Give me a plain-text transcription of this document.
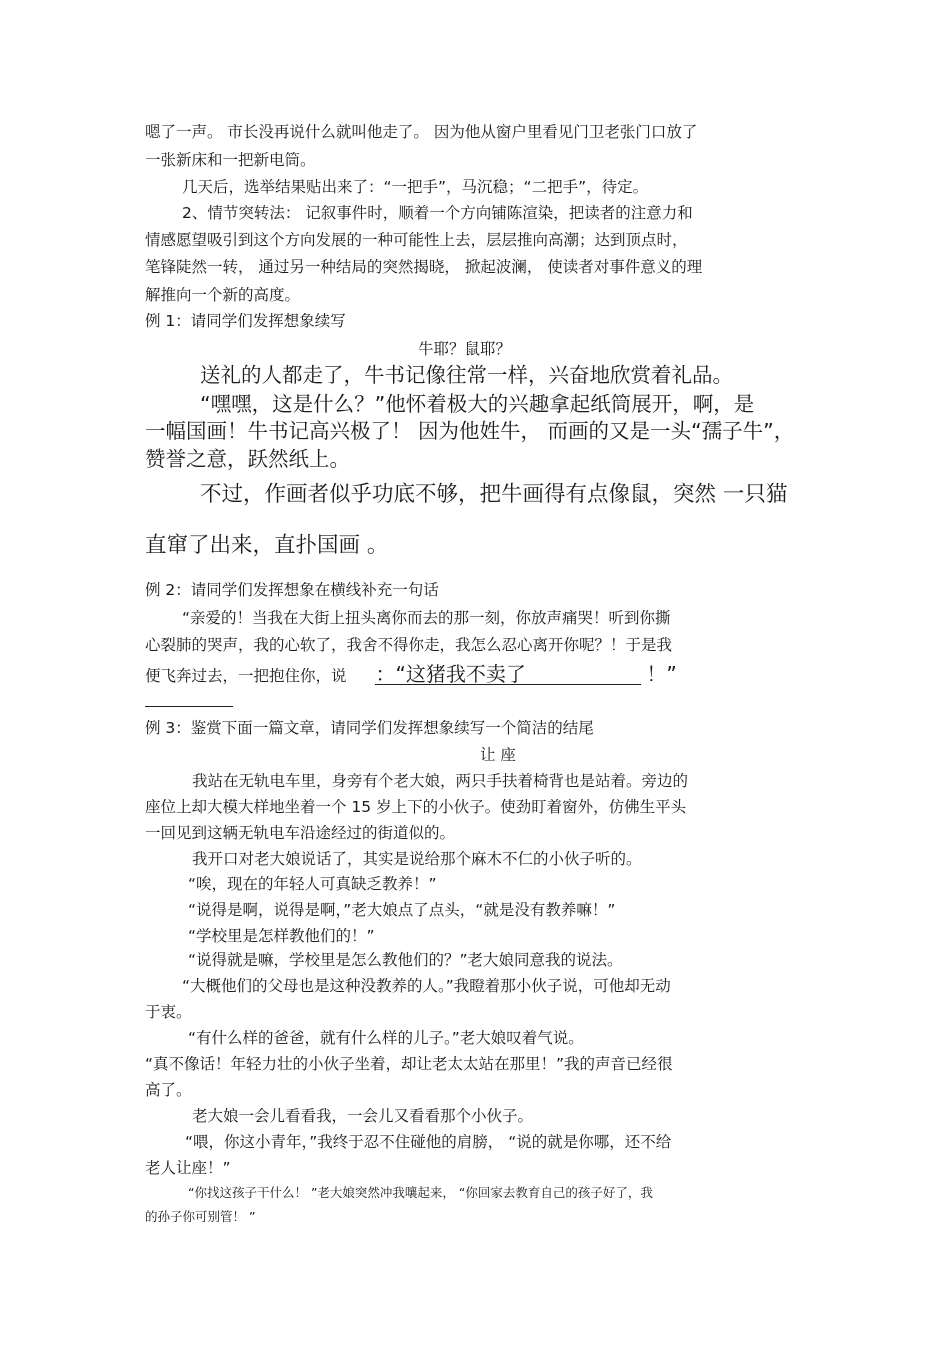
嗯了一声。 市长没再说什么就叫他走了。 因为他从窗户里看见门卫老张门口放了
一张新床和一把新电筒。
几天后，选举结果贴出来了：“一把手”，马沉稳；“二把手”，待定。
2、情节突转法： 记叙事件时，顺着一个方向铺陈渲染，把读者的注意力和
情感愿望吸引到这个方向发展的一种可能性上去，层层推向高潮；达到顶点时，
笔锋陡然一转， 通过另一种结局的突然揭晓， 掀起波澜， 使读者对事件意义的理
解推向一个新的高度。
例 1：请同学们发挥想象续写
牛耶？鼠耶？
送礼的人都走了，牛书记像往常一样，兴奋地欣赏着礼品。
“嘿嘿，这是什么？”他怀着极大的兴趣拿起纸筒展开，啊，是
一幅国画！牛书记高兴极了！ 因为他姓牛， 而画的又是一头“孺子牛”，
赞誉之意，跃然纸上。
不过，作画者似乎功底不够，把牛画得有点像鼠，突然 一只猫
直窜了出来，直扑国画 。
例 2：请同学们发挥想象在横线补充一句话
“亲爱的！当我在大街上扭头离你而去的那一刻，你放声痛哭！听到你撕
心裂肺的哭声，我的心软了，我舍不得你走，我怎么忍心离开你呢？！于是我
便飞奔过去，一把抱住你，说 ：“这猪我不卖了	！”
例 3：鉴赏下面一篇文章，请同学们发挥想象续写一个简洁的结尾
让 座
我站在无轨电车里，身旁有个老大娘，两只手扶着椅背也是站着。旁边的
座位上却大模大样地坐着一个 15 岁上下的小伙子。使劲盯着窗外，仿佛生平头
一回见到这辆无轨电车沿途经过的街道似的。
我开口对老大娘说话了，其实是说给那个麻木不仁的小伙子听的。
“唉，现在的年轻人可真缺乏教养！”
“说得是啊，说得是啊，”老大娘点了点头，“就是没有教养嘛！”
“学校里是怎样教他们的！”
“说得就是嘛，学校里是怎么教他们的？”老大娘同意我的说法。
“大概他们的父母也是这种没教养的人。”我瞪着那小伙子说，可他却无动
于衷。
“有什么样的爸爸，就有什么样的儿子。”老大娘叹着气说。
“真不像话！年轻力壮的小伙子坐着，却让老太太站在那里！”我的声音已经很
高了。
老大娘一会儿看看我，一会儿又看看那个小伙子。
“喂，你这小青年，”我终于忍不住碰他的肩膀， “说的就是你哪，还不给
老人让座！”
“你找这孩子干什么！ ”老大娘突然冲我嚷起来， “你回家去教育自己的孩子好了，我
的孙子你可别管！ ”
